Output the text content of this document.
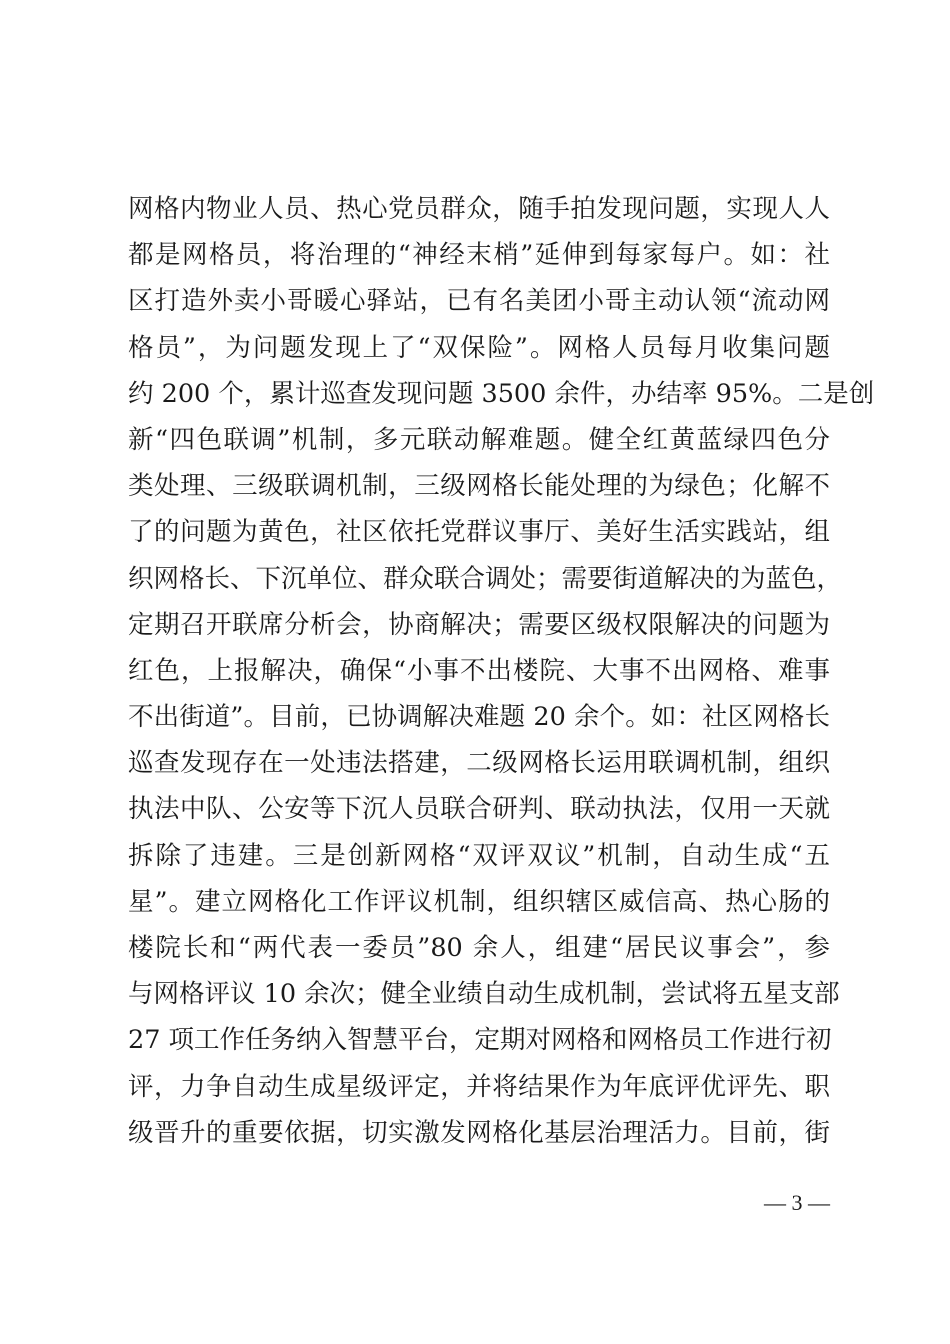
网格内物业人员、热心党员群众，随手拍发现问题，实现人人
都是网格员，将治理的“神经末梢”延伸到每家每户。如：社
区打造外卖小哥暖心驿站，已有名美团小哥主动认领“流动网
格员”，为问题发现上了“双保险”。网格人员每月收集问题
约 200 个，累计巡查发现问题 3500 余件，办结率 95%。二是创
新“四色联调”机制，多元联动解难题。健全红黄蓝绿四色分
类处理、三级联调机制，三级网格长能处理的为绿色；化解不
了的问题为黄色，社区依托党群议事厅、美好生活实践站，组
织网格长、下沉单位、群众联合调处；需要街道解决的为蓝色，
定期召开联席分析会，协商解决；需要区级权限解决的问题为
红色，上报解决，确保“小事不出楼院、大事不出网格、难事
不出街道”。目前，已协调解决难题 20 余个。如：社区网格长
巡查发现存在一处违法搭建，二级网格长运用联调机制，组织
执法中队、公安等下沉人员联合研判、联动执法，仅用一天就
拆除了违建。三是创新网格“双评双议”机制，自动生成“五
星”。建立网格化工作评议机制，组织辖区威信高、热心肠的
楼院长和“两代表一委员”80 余人，组建“居民议事会”，参
与网格评议 10 余次；健全业绩自动生成机制，尝试将五星支部
27 项工作任务纳入智慧平台，定期对网格和网格员工作进行初
评，力争自动生成星级评定，并将结果作为年底评优评先、职
级晋升的重要依据，切实激发网格化基层治理活力。目前，街
— 3 —
